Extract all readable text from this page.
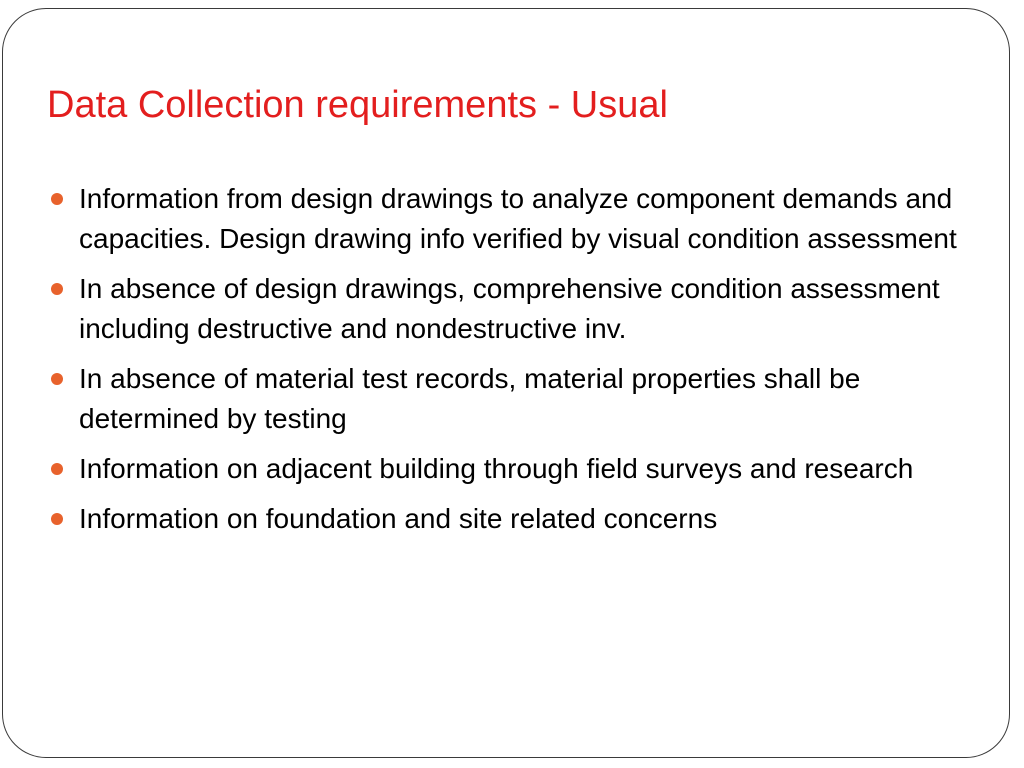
Data Collection requirements - Usual
Information from design drawings to analyze component demands and capacities. Design drawing info verified by visual condition assessment
In absence of design drawings, comprehensive condition assessment including destructive and nondestructive inv.
In absence of material test records, material properties shall be determined by testing
Information on adjacent building through field surveys and research
Information on foundation and site related concerns
